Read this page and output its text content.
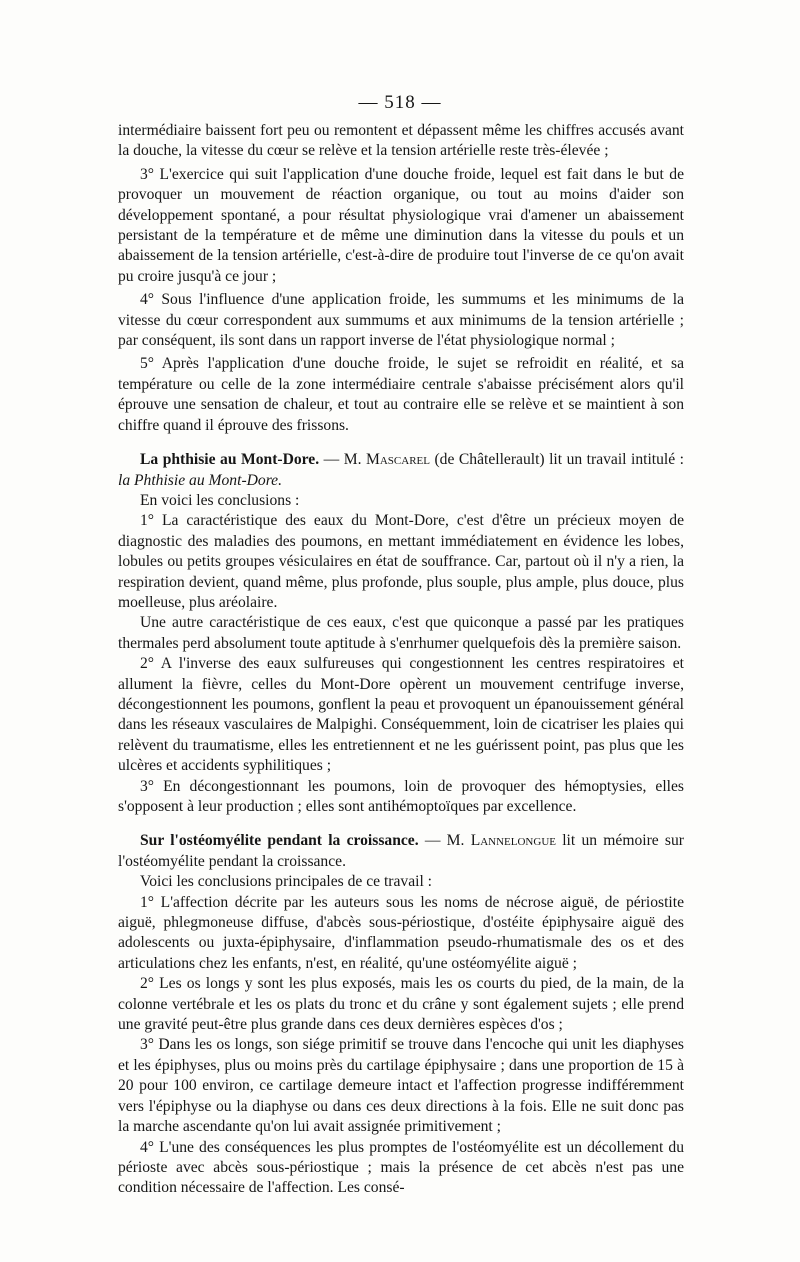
— 518 —

intermédiaire baissent fort peu ou remontent et dépassent même les chiffres accusés avant la douche, la vitesse du cœur se relève et la tension artérielle reste très-élevée ;

3° L'exercice qui suit l'application d'une douche froide, lequel est fait dans le but de provoquer un mouvement de réaction organique, ou tout au moins d'aider son développement spontané, a pour résultat physiologique vrai d'amener un abaissement persistant de la température et de même une diminution dans la vitesse du pouls et un abaissement de la tension artérielle, c'est-à-dire de produire tout l'inverse de ce qu'on avait pu croire jusqu'à ce jour ;

4° Sous l'influence d'une application froide, les summums et les minimums de la vitesse du cœur correspondent aux summums et aux minimums de la tension artérielle ; par conséquent, ils sont dans un rapport inverse de l'état physiologique normal ;

5° Après l'application d'une douche froide, le sujet se refroidit en réalité, et sa température ou celle de la zone intermédiaire centrale s'abaisse précisément alors qu'il éprouve une sensation de chaleur, et tout au contraire elle se relève et se maintient à son chiffre quand il éprouve des frissons.

La phthisie au Mont-Dore. — M. Mascarel (de Châtellerault) lit un travail intitulé : la Phthisie au Mont-Dore.

En voici les conclusions :

1° La caractéristique des eaux du Mont-Dore, c'est d'être un précieux moyen de diagnostic des maladies des poumons, en mettant immédiatement en évidence les lobes, lobules ou petits groupes vésiculaires en état de souffrance. Car, partout où il n'y a rien, la respiration devient, quand même, plus profonde, plus souple, plus ample, plus douce, plus moelleuse, plus aréolaire.

Une autre caractéristique de ces eaux, c'est que quiconque a passé par les pratiques thermales perd absolument toute aptitude à s'enrhumer quelquefois dès la première saison.

2° A l'inverse des eaux sulfureuses qui congestionnent les centres respiratoires et allument la fièvre, celles du Mont-Dore opèrent un mouvement centrifuge inverse, décongestionnent les poumons, gonflent la peau et provoquent un épanouissement général dans les réseaux vasculaires de Malpighi. Conséquemment, loin de cicatriser les plaies qui relèvent du traumatisme, elles les entretiennent et ne les guérissent point, pas plus que les ulcères et accidents syphilitiques ;

3° En décongestionnant les poumons, loin de provoquer des hémoptysies, elles s'opposent à leur production ; elles sont antihémoptoïques par excellence.

Sur l'ostéomyélite pendant la croissance. — M. Lannelongue lit un mémoire sur l'ostéomyélite pendant la croissance.

Voici les conclusions principales de ce travail :

1° L'affection décrite par les auteurs sous les noms de nécrose aiguë, de périostite aiguë, phlegmoneuse diffuse, d'abcès sous-périostique, d'ostéite épiphysaire aiguë des adolescents ou juxta-épiphysaire, d'inflammation pseudo-rhumatismale des os et des articulations chez les enfants, n'est, en réalité, qu'une ostéomyélite aiguë ;

2° Les os longs y sont les plus exposés, mais les os courts du pied, de la main, de la colonne vertébrale et les os plats du tronc et du crâne y sont également sujets ; elle prend une gravité peut-être plus grande dans ces deux dernières espèces d'os ;

3° Dans les os longs, son siége primitif se trouve dans l'encoche qui unit les diaphyses et les épiphyses, plus ou moins près du cartilage épiphysaire ; dans une proportion de 15 à 20 pour 100 environ, ce cartilage demeure intact et l'affection progresse indifféremment vers l'épiphyse ou la diaphyse ou dans ces deux directions à la fois. Elle ne suit donc pas la marche ascendante qu'on lui avait assignée primitivement ;

4° L'une des conséquences les plus promptes de l'ostéomyélite est un décollement du périoste avec abcès sous-périostique ; mais la présence de cet abcès n'est pas une condition nécessaire de l'affection. Les consé-
